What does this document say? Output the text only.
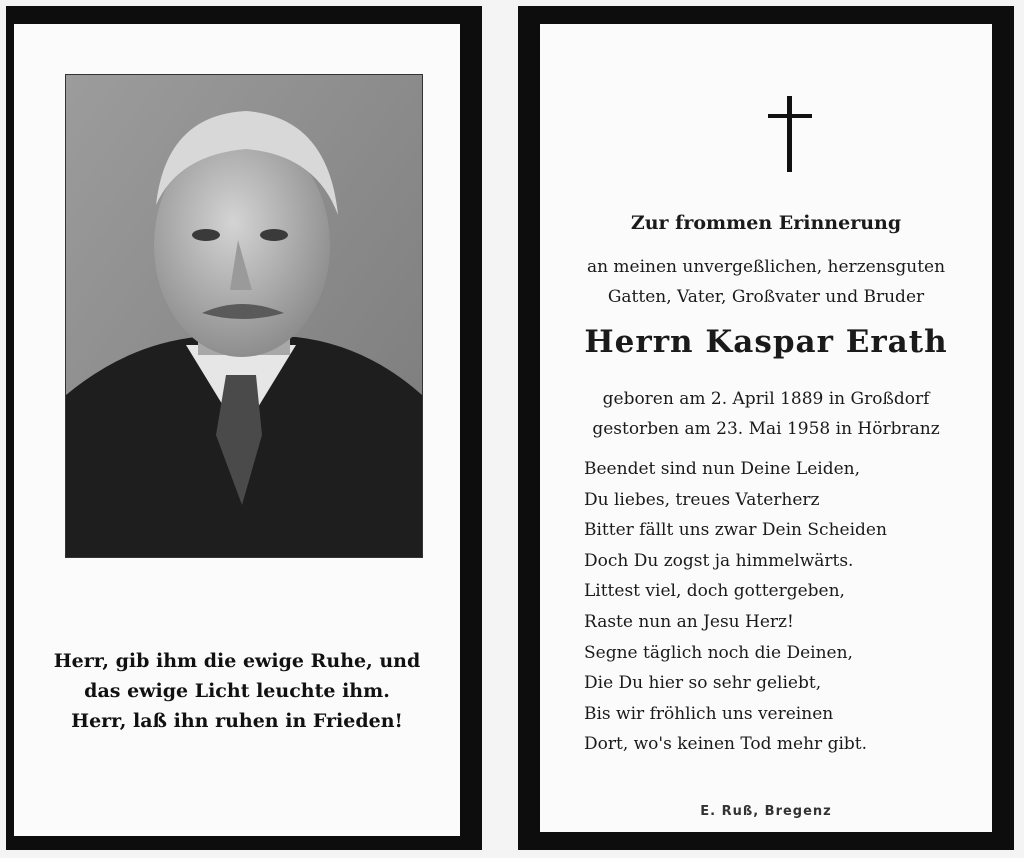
Herr, gib ihm die ewige Ruhe, und
das ewige Licht leuchte ihm.
Herr, laß ihn ruhen in Frieden!
Zur frommen Erinnerung
an meinen unvergeßlichen, herzensguten
Gatten, Vater, Großvater und Bruder
Herrn Kaspar Erath
geboren am 2. April 1889 in Großdorf
gestorben am 23. Mai 1958 in Hörbranz
Beendet sind nun Deine Leiden,
Du liebes, treues Vaterherz
Bitter fällt uns zwar Dein Scheiden
Doch Du zogst ja himmelwärts.
Littest viel, doch gottergeben,
Raste nun an Jesu Herz!
Segne täglich noch die Deinen,
Die Du hier so sehr geliebt,
Bis wir fröhlich uns vereinen
Dort, wo's keinen Tod mehr gibt.
E. Ruß, Bregenz
